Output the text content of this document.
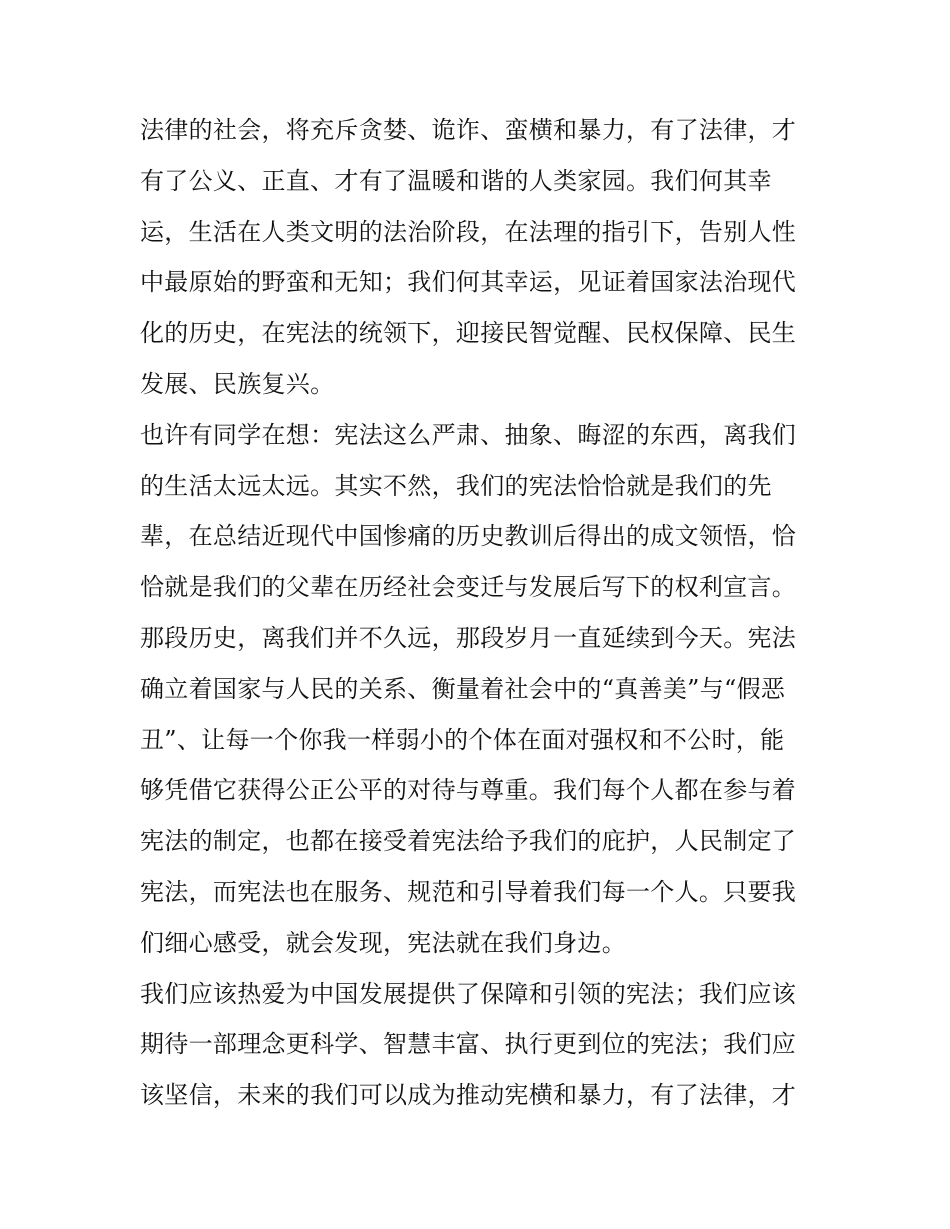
法律的社会，将充斥贪婪、诡诈、蛮横和暴力，有了法律，才
有了公义、正直、才有了温暖和谐的人类家园。我们何其幸
运，生活在人类文明的法治阶段，在法理的指引下，告别人性
中最原始的野蛮和无知；我们何其幸运，见证着国家法治现代
化的历史，在宪法的统领下，迎接民智觉醒、民权保障、民生
发展、民族复兴。
也许有同学在想：宪法这么严肃、抽象、晦涩的东西，离我们
的生活太远太远。其实不然，我们的宪法恰恰就是我们的先
辈，在总结近现代中国惨痛的历史教训后得出的成文领悟，恰
恰就是我们的父辈在历经社会变迁与发展后写下的权利宣言。
那段历史，离我们并不久远，那段岁月一直延续到今天。宪法
确立着国家与人民的关系、衡量着社会中的“真善美”与“假恶
丑”、让每一个你我一样弱小的个体在面对强权和不公时，能
够凭借它获得公正公平的对待与尊重。我们每个人都在参与着
宪法的制定，也都在接受着宪法给予我们的庇护，人民制定了
宪法，而宪法也在服务、规范和引导着我们每一个人。只要我
们细心感受，就会发现，宪法就在我们身边。
我们应该热爱为中国发展提供了保障和引领的宪法；我们应该
期待一部理念更科学、智慧丰富、执行更到位的宪法；我们应
该坚信，未来的我们可以成为推动宪横和暴力，有了法律，才
